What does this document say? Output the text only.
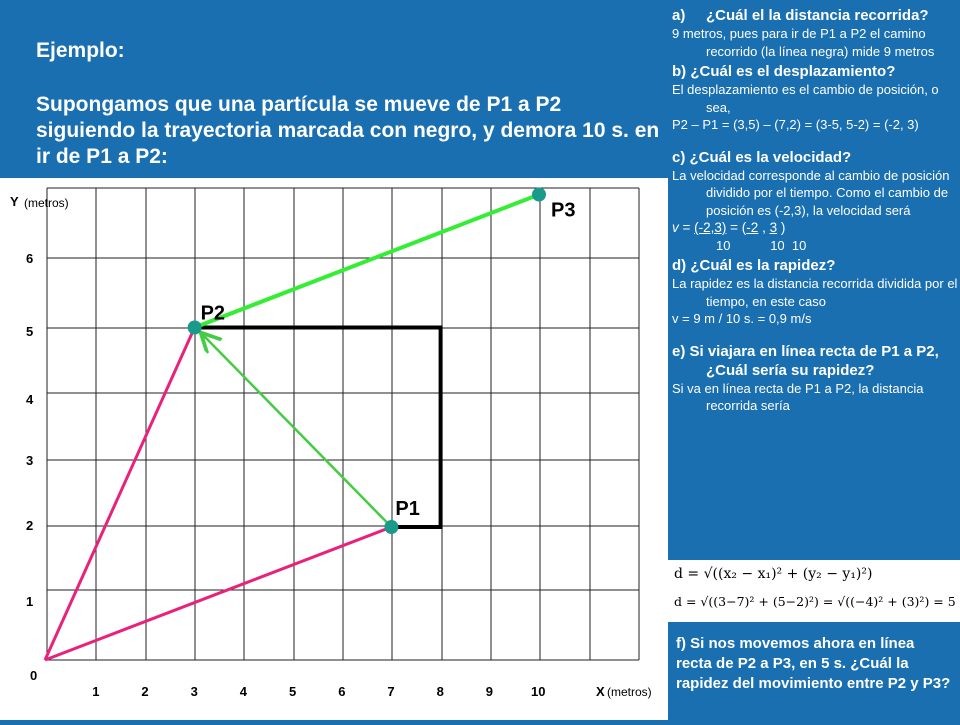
Ejemplo:

Supongamos que una partícula se mueve de P1 a P2 siguiendo la trayectoria marcada con negro, y demora 10 s. en ir de P1 a P2:

0
1	2	3	4	5	6	7	8	9	10
1
2
3
4
5
6
P1
P2
P3
Y (metros)
X (metros)
a)	¿Cuál el la distancia recorrida?
9 metros, pues para ir de P1 a P2 el camino recorrido (la línea negra) mide 9 metros
b) ¿Cuál es el desplazamiento?
El desplazamiento es el cambio de posición, o sea,
P2 – P1 = (3,5) – (7,2) = (3-5, 5-2) = (-2, 3)
c) ¿Cuál es la velocidad?
La velocidad corresponde al cambio de posición dividido por el tiempo. Como el cambio de posición es (-2,3), la velocidad será
v = (-2,3) = (-2 , 3 )
10           10  10
d) ¿Cuál es la rapidez?
La rapidez es la distancia recorrida dividida por el tiempo, en este caso
v = 9 m / 10 s. = 0,9 m/s
e) Si viajara en línea recta de P1 a P2, ¿Cuál sería su rapidez?
Si va en línea recta de P1 a P2, la distancia recorrida sería
d = √((x₂ − x₁)² + (y₂ − y₁)²)
d = √((3−7)² + (5−2)²) = √((−4)² + (3)²) = 5
f) Si nos movemos ahora en línea recta de P2 a P3, en 5 s. ¿Cuál la rapidez del movimiento entre P2 y P3?
